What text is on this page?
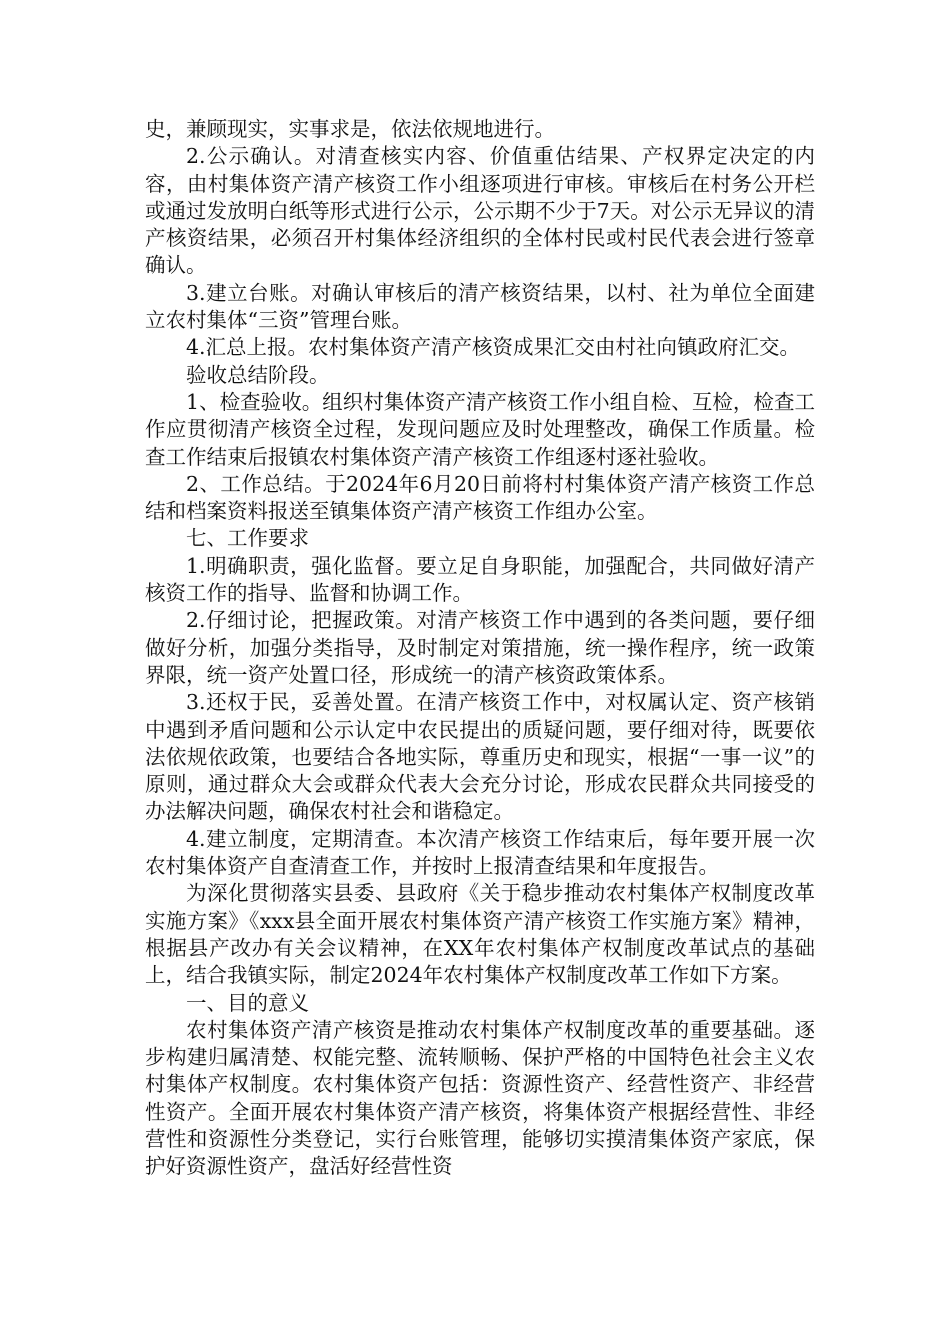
史，兼顾现实，实事求是，依法依规地进行。

2.公示确认。对清查核实内容、价值重估结果、产权界定决定的内容，由村集体资产清产核资工作小组逐项进行审核。审核后在村务公开栏或通过发放明白纸等形式进行公示，公示期不少于7天。对公示无异议的清产核资结果，必须召开村集体经济组织的全体村民或村民代表会进行签章确认。

3.建立台账。对确认审核后的清产核资结果，以村、社为单位全面建立农村集体“三资”管理台账。

4.汇总上报。农村集体资产清产核资成果汇交由村社向镇政府汇交。

验收总结阶段。

1、检查验收。组织村集体资产清产核资工作小组自检、互检，检查工作应贯彻清产核资全过程，发现问题应及时处理整改，确保工作质量。检查工作结束后报镇农村集体资产清产核资工作组逐村逐社验收。

2、工作总结。于2024年6月20日前将村村集体资产清产核资工作总结和档案资料报送至镇集体资产清产核资工作组办公室。

七、工作要求

1.明确职责，强化监督。要立足自身职能，加强配合，共同做好清产核资工作的指导、监督和协调工作。

2.仔细讨论，把握政策。对清产核资工作中遇到的各类问题，要仔细做好分析，加强分类指导，及时制定对策措施，统一操作程序，统一政策界限，统一资产处置口径，形成统一的清产核资政策体系。

3.还权于民，妥善处置。在清产核资工作中，对权属认定、资产核销中遇到矛盾问题和公示认定中农民提出的质疑问题，要仔细对待，既要依法依规依政策，也要结合各地实际，尊重历史和现实，根据“一事一议”的原则，通过群众大会或群众代表大会充分讨论，形成农民群众共同接受的办法解决问题，确保农村社会和谐稳定。

4.建立制度，定期清查。本次清产核资工作结束后，每年要开展一次农村集体资产自查清查工作，并按时上报清查结果和年度报告。

为深化贯彻落实县委、县政府《关于稳步推动农村集体产权制度改革实施方案》《xxx县全面开展农村集体资产清产核资工作实施方案》精神，根据县产改办有关会议精神，在XX年农村集体产权制度改革试点的基础上，结合我镇实际，制定2024年农村集体产权制度改革工作如下方案。

一、目的意义

农村集体资产清产核资是推动农村集体产权制度改革的重要基础。逐步构建归属清楚、权能完整、流转顺畅、保护严格的中国特色社会主义农村集体产权制度。农村集体资产包括：资源性资产、经营性资产、非经营性资产。全面开展农村集体资产清产核资，将集体资产根据经营性、非经营性和资源性分类登记，实行台账管理，能够切实摸清集体资产家底，保护好资源性资产，盘活好经营性资
